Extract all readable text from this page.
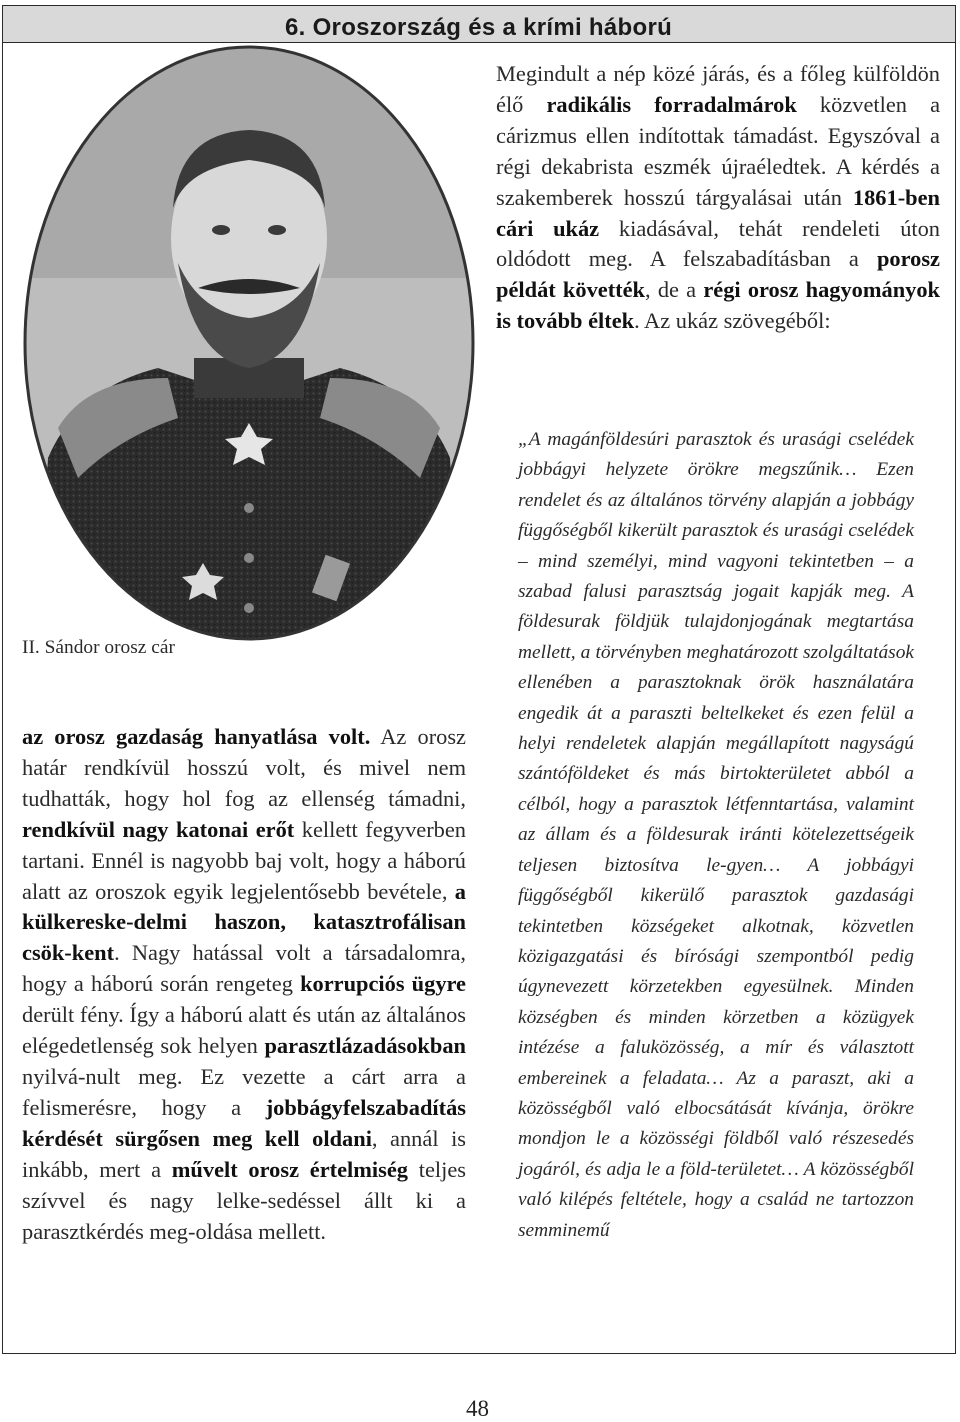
6. Oroszország és a krími háború

Megindult a nép közé járás, és a főleg külföldön élő radikális forradalmárok közvetlen a cárizmus ellen indítottak támadást. Egyszóval a régi dekabrista eszmék újraéledtek. A kérdés a szakemberek hosszú tárgyalásai után 1861-ben cári ukáz kiadásával, tehát rendeleti úton oldódott meg. A felszabadításban a porosz példát követték, de a régi orosz hagyományok is tovább éltek. Az ukáz szövegéből:

II. Sándor orosz cár

„A magánföldesúri parasztok és urasági cselédek jobbágyi helyzete örökre megszűnik… Ezen rendelet és az általános törvény alapján a jobbágy függőségből kikerült parasztok és urasági cselédek – mind személyi, mind vagyoni tekintetben – a szabad falusi parasztság jogait kapják meg. A földesurak földjük tulajdonjogának megtartása mellett, a törvényben meghatározott szolgáltatások ellenében a parasztoknak örök használatára engedik át a paraszti beltelkeket és ezen felül a helyi rendeletek alapján megállapított nagyságú szántóföldeket és más birtokterületet abból a célból, hogy a parasztok létfenntartása, valamint az állam és a földesurak iránti kötelezettségeik teljesen biztosítva le-gyen… A jobbágyi függőségből kikerülő parasztok gazdasági tekintetben községeket alkotnak, közvetlen közigazgatási és bírósági szempontból pedig úgynevezett körzetekben egyesülnek. Minden községben és minden körzetben a közügyek intézése a faluközösség, a mír és választott embereinek a feladata… Az a paraszt, aki a közösségből való elbocsátását kívánja, örökre mondjon le a közösségi földből való részesedés jogáról, és adja le a föld-területet… A közösségből való kilépés feltétele, hogy a család ne tartozzon semminemű

az orosz gazdaság hanyatlása volt. Az orosz határ rendkívül hosszú volt, és mivel nem tudhatták, hogy hol fog az ellenség támadni, rendkívül nagy katonai erőt kellett fegyverben tartani. Ennél is nagyobb baj volt, hogy a háború alatt az oroszok egyik legjelentősebb bevétele, a külkereske-delmi haszon, katasztrofálisan csök-kent. Nagy hatással volt a társadalomra, hogy a háború során rengeteg korrupciós ügyre derült fény. Így a háború alatt és után az általános elégedetlenség sok helyen parasztlázadásokban nyilvá-nult meg. Ez vezette a cárt arra a felismerésre, hogy a jobbágyfelszabadítás kérdését sürgősen meg kell oldani, annál is inkább, mert a művelt orosz értelmiség teljes szívvel és nagy lelke-sedéssel állt ki a parasztkérdés meg-oldása mellett.

48
